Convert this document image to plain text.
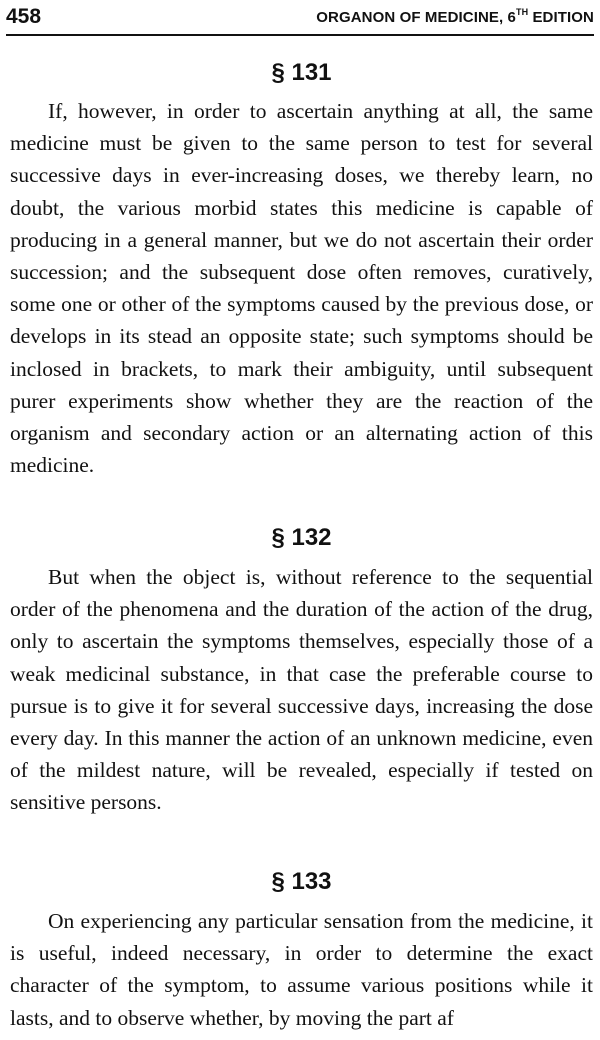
458	ORGANON OF MEDICINE, 6TH EDITION
§ 131

If, however, in order to ascertain anything at all, the same medicine must be given to the same person to test for several successive days in ever-increasing doses, we thereby learn, no doubt, the various morbid states this medicine is capable of producing in a general manner, but we do not ascertain their order succession; and the subsequent dose often removes, curatively, some one or other of the symptoms caused by the previous dose, or develops in its stead an opposite state; such symptoms should be inclosed in brackets, to mark their ambiguity, until subsequent purer experiments show whether they are the reaction of the organism and secondary action or an alternating action of this medicine.

§ 132

But when the object is, without reference to the sequential order of the phenomena and the duration of the action of the drug, only to ascertain the symptoms themselves, especially those of a weak medicinal substance, in that case the preferable course to pursue is to give it for several successive days, increasing the dose every day. In this manner the action of an unknown medicine, even of the mildest nature, will be revealed, especially if tested on sensitive persons.

§ 133

On experiencing any particular sensation from the medicine, it is useful, indeed necessary, in order to determine the exact character of the symptom, to assume various positions while it lasts, and to observe whether, by moving the part af
